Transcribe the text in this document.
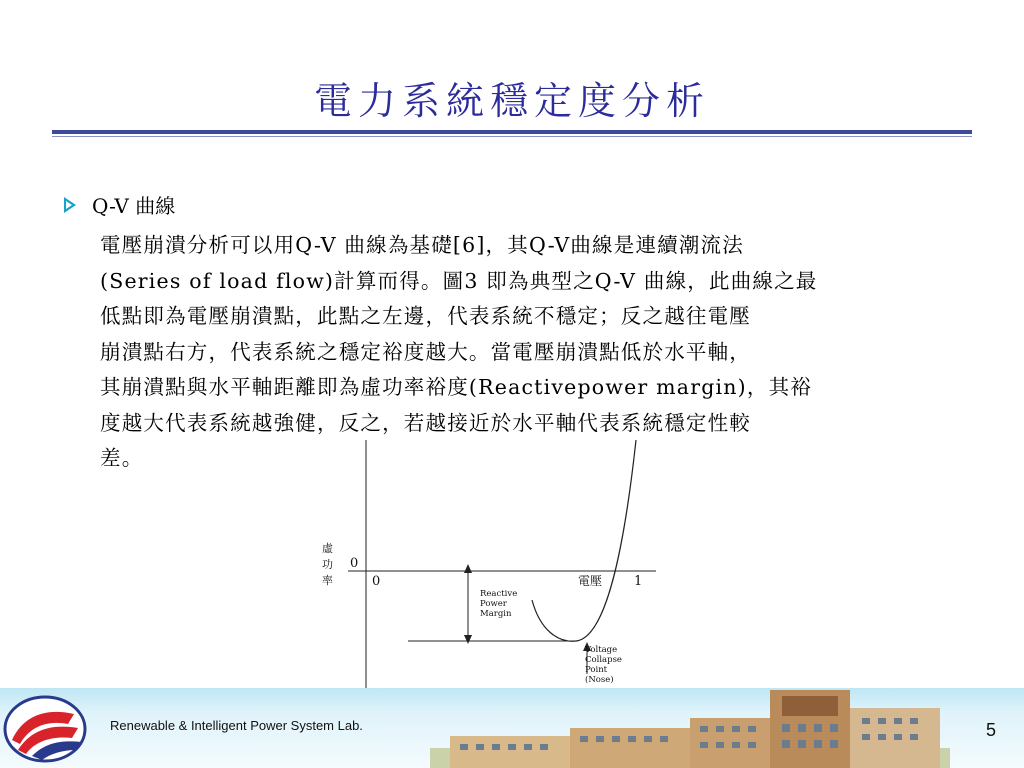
電力系統穩定度分析
Q-V 曲線
電壓崩潰分析可以用Q-V 曲線為基礎[6]，其Q-V曲線是連續潮流法
(Series of load flow)計算而得。圖3 即為典型之Q-V 曲線，此曲線之最
低點即為電壓崩潰點，此點之左邊，代表系統不穩定；反之越往電壓
崩潰點右方，代表系統之穩定裕度越大。當電壓崩潰點低於水平軸，
其崩潰點與水平軸距離即為虛功率裕度(Reactivepower margin)，其裕
度越大代表系統越強健，反之，若越接近於水平軸代表系統穩定性較
差。
虛
功
率
0
0	電壓 1
Reactive
Power
Margin
Voltage
Collapse
Point
(Nose)
Renewable & Intelligent Power System Lab.	5
